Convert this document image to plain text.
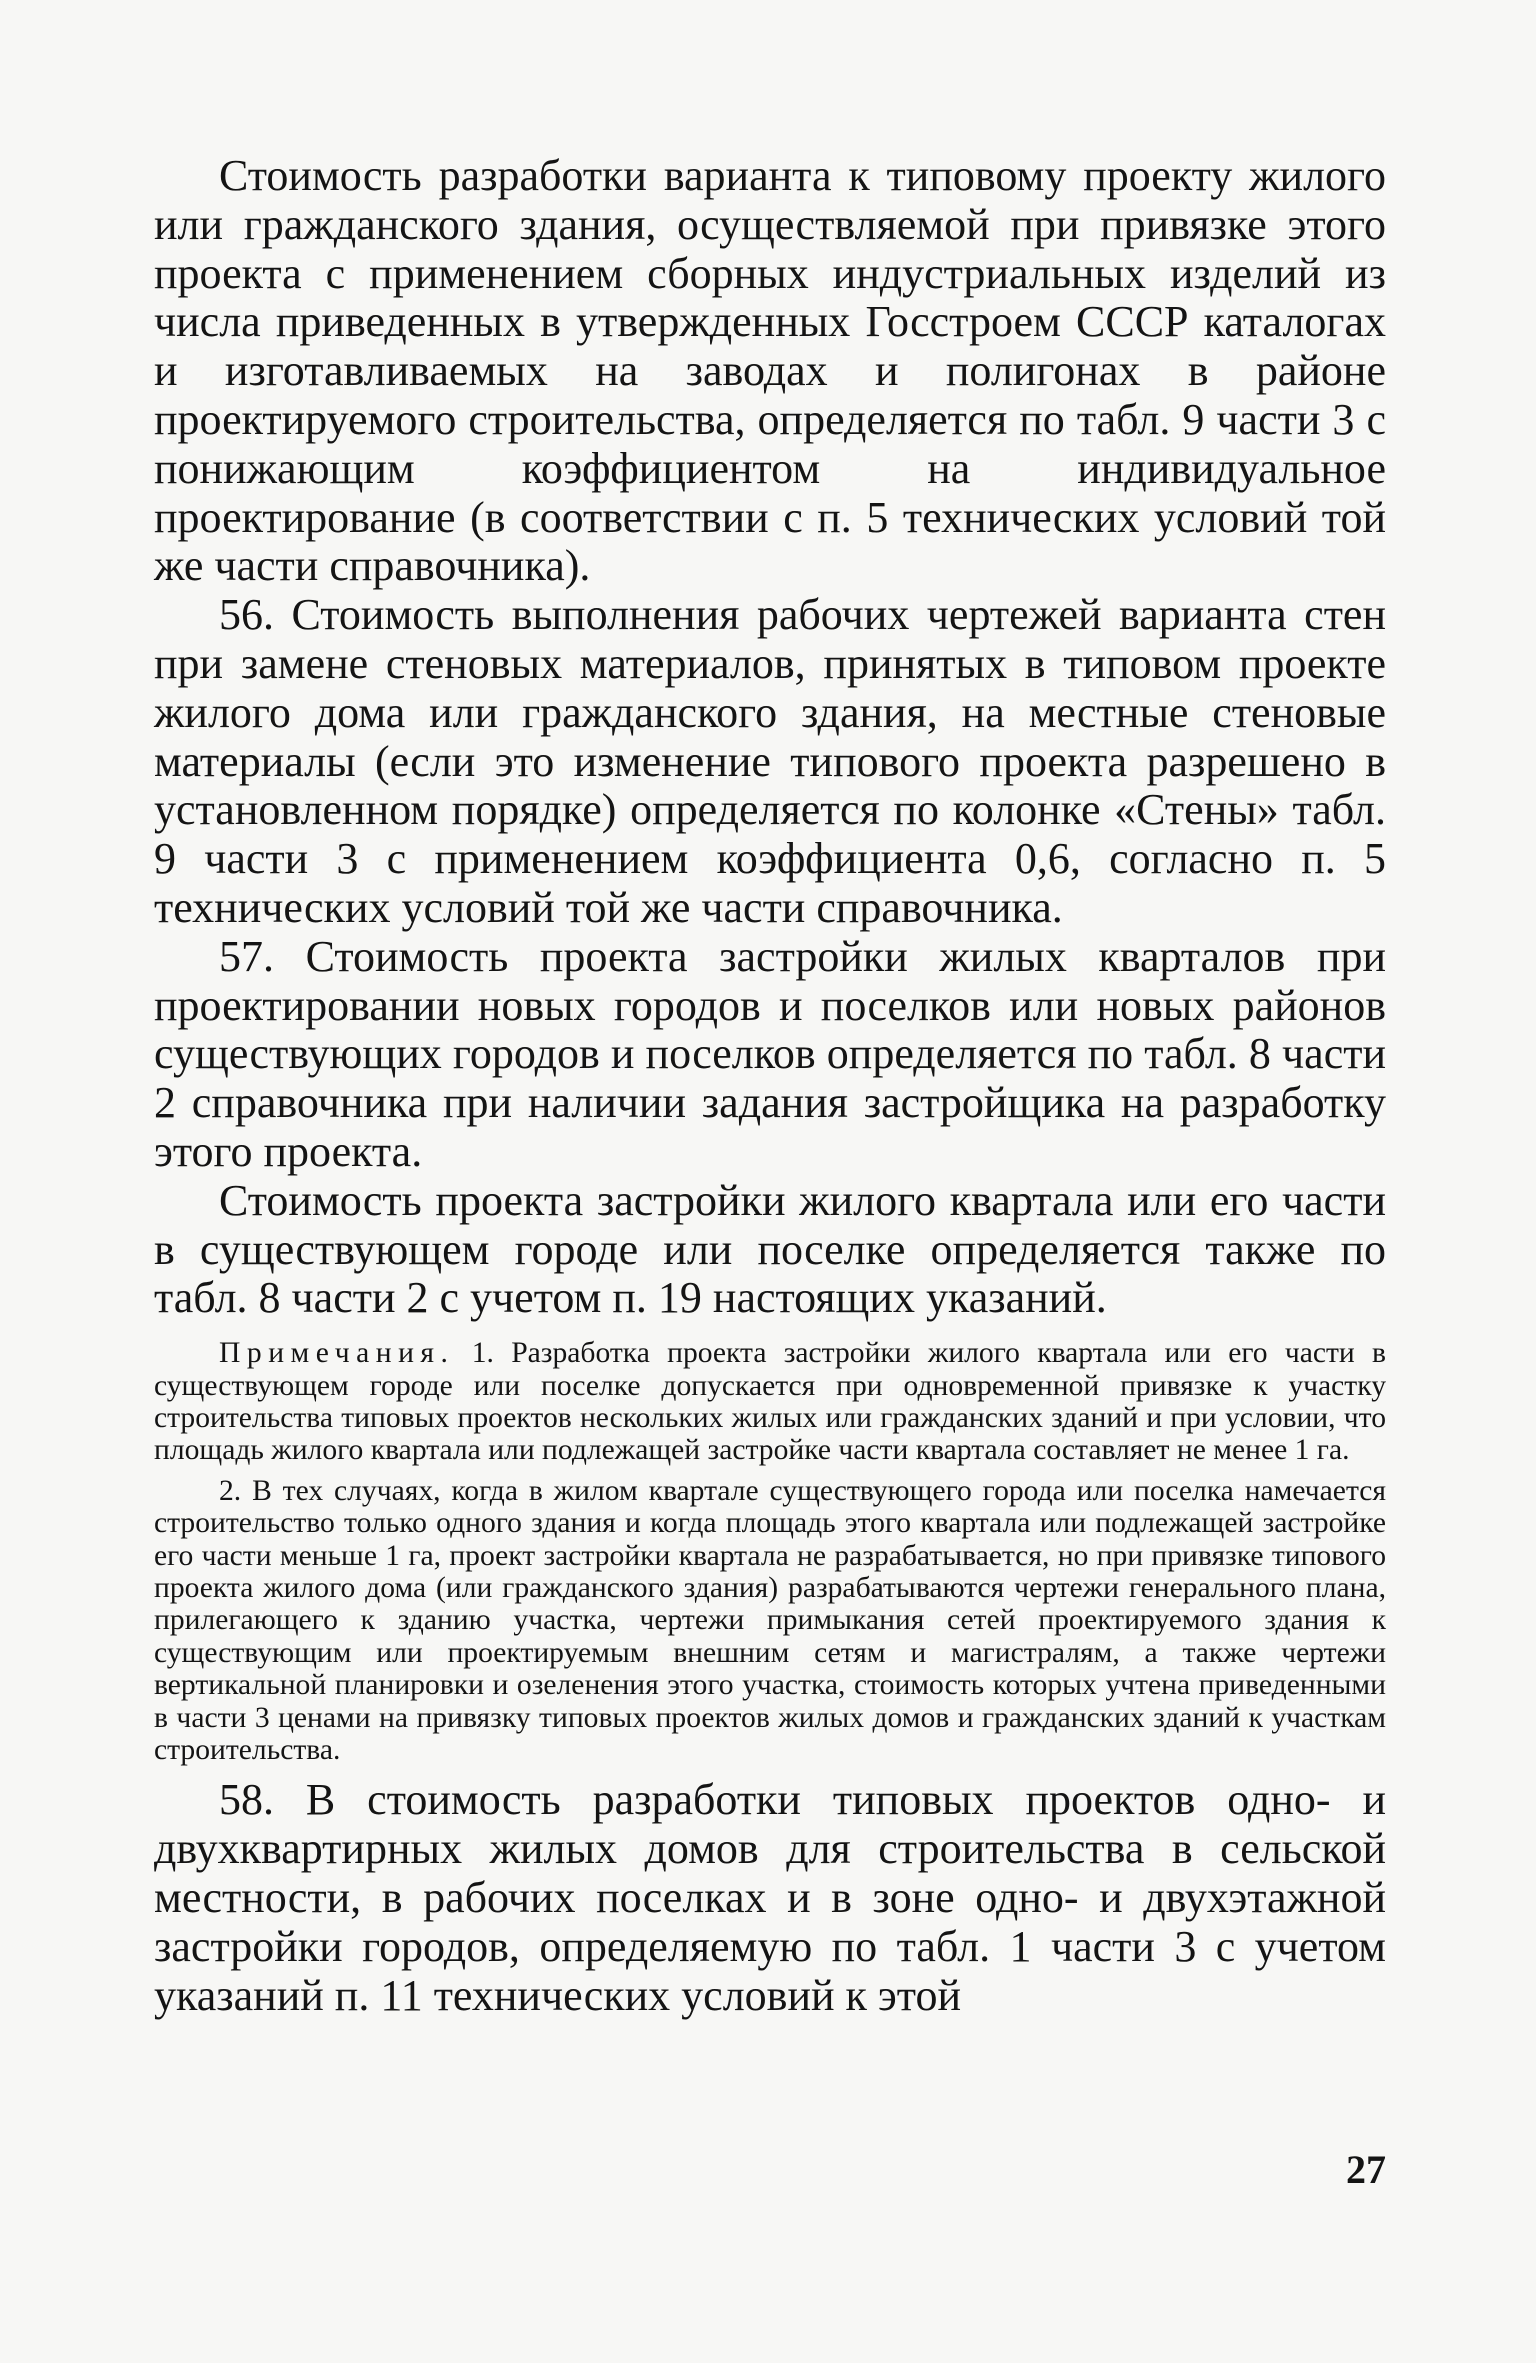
Стоимость разработки варианта к типовому проекту жилого или гражданского здания, осуществляемой при привязке этого проекта с применением сборных индустриальных изделий из числа приведенных в утвержденных Госстроем СССР каталогах и изготавливаемых на заводах и полигонах в районе проектируемого строительства, определяется по табл. 9 части 3 с понижающим коэффициентом на индивидуальное проектирование (в соответствии с п. 5 технических условий той же части справочника).

56. Стоимость выполнения рабочих чертежей варианта стен при замене стеновых материалов, принятых в типовом проекте жилого дома или гражданского здания, на местные стеновые материалы (если это изменение типового проекта разрешено в установленном порядке) определяется по колонке «Стены» табл. 9 части 3 с применением коэффициента 0,6, согласно п. 5 технических условий той же части справочника.

57. Стоимость проекта застройки жилых кварталов при проектировании новых городов и поселков или новых районов существующих городов и поселков определяется по табл. 8 части 2 справочника при наличии задания застройщика на разработку этого проекта.

Стоимость проекта застройки жилого квартала или его части в существующем городе или поселке определяется также по табл. 8 части 2 с учетом п. 19 настоящих указаний.

Примечания. 1. Разработка проекта застройки жилого квартала или его части в существующем городе или поселке допускается при одновременной привязке к участку строительства типовых проектов нескольких жилых или гражданских зданий и при условии, что площадь жилого квартала или подлежащей застройке части квартала составляет не менее 1 га.

2. В тех случаях, когда в жилом квартале существующего города или поселка намечается строительство только одного здания и когда площадь этого квартала или подлежащей застройке его части меньше 1 га, проект застройки квартала не разрабатывается, но при привязке типового проекта жилого дома (или гражданского здания) разрабатываются чертежи генерального плана, прилегающего к зданию участка, чертежи примыкания сетей проектируемого здания к существующим или проектируемым внешним сетям и магистралям, а также чертежи вертикальной планировки и озеленения этого участка, стоимость которых учтена приведенными в части 3 ценами на привязку типовых проектов жилых домов и гражданских зданий к участкам строительства.

58. В стоимость разработки типовых проектов одно- и двухквартирных жилых домов для строительства в сельской местности, в рабочих поселках и в зоне одно- и двухэтажной застройки городов, определяемую по табл. 1 части 3 с учетом указаний п. 11 технических условий к этой

27
